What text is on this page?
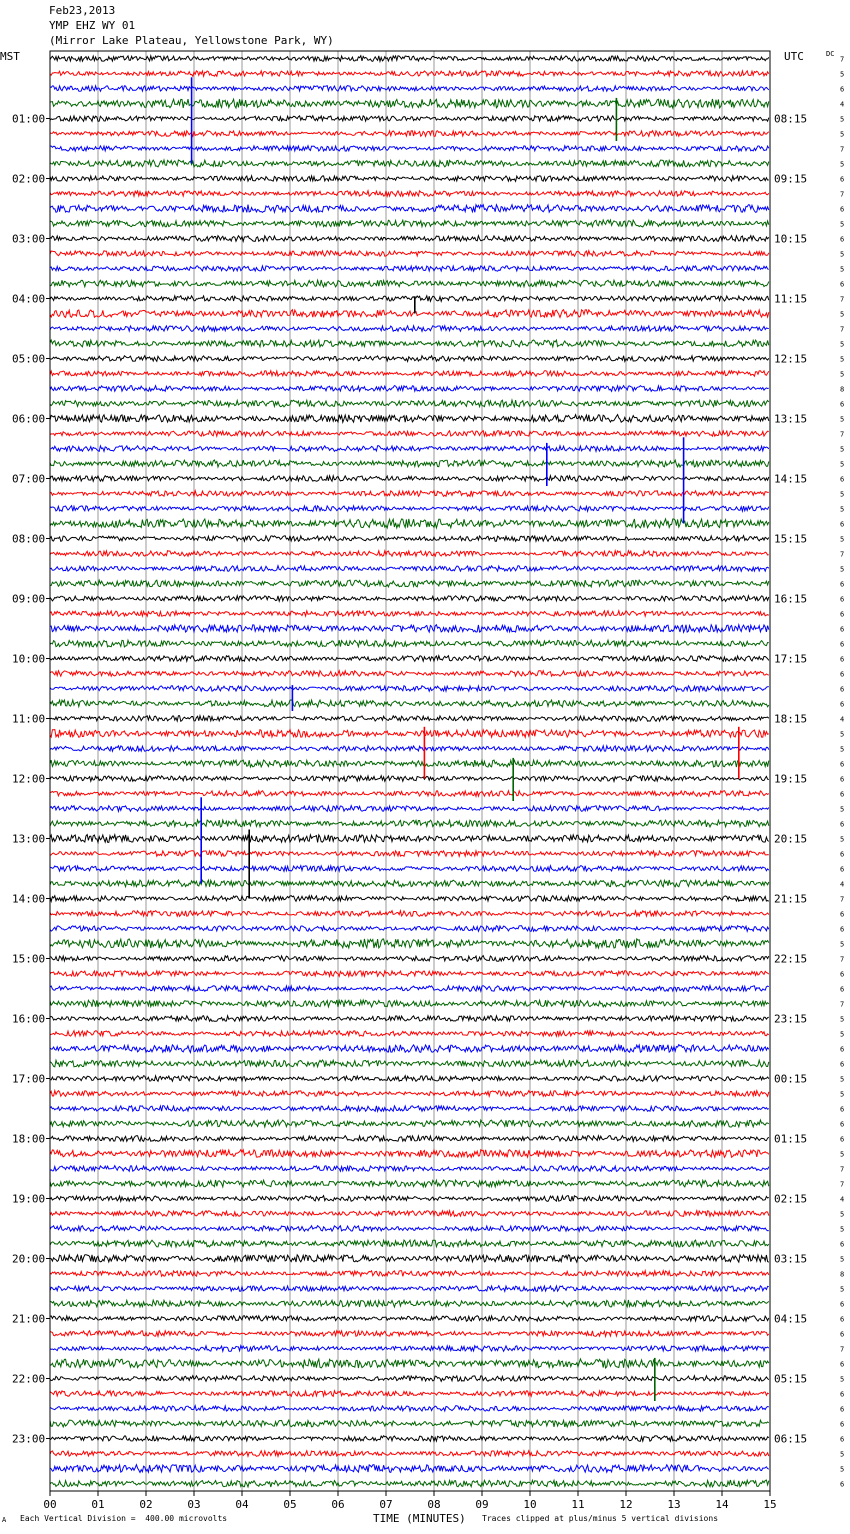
Feb23,2013
YMP EHZ WY 01
(Mirror Lake Plateau, Yellowstone Park, WY)
MST	UTC	DC
01:00
02:00
03:00
04:00
05:00
06:00
07:00
08:00
09:00
10:00
11:00
12:00
13:00
14:00
15:00
16:00
17:00
18:00
19:00
20:00
21:00
22:00
23:00
08:15
09:15
10:15
11:15
12:15
13:15
14:15
15:15
16:15
17:15
18:15
19:15
20:15
21:15
22:15
23:15
00:15
01:15
02:15
03:15
04:15
05:15
06:15
7
5
6
4
5
5
7
5
6
7
6
5
6
5
5
6
7
5
7
5
5
5
8
6
5
7
5
5
6
5
5
6
5
7
5
6
6
6
6
6
6
6
6
6
4
5
5
6
6
6
5
6
5
6
6
4
7
6
6
5
7
6
6
7
5
5
6
6
5
5
6
6
6
5
7
7
4
5
5
6
5
8
5
6
6
6
7
6
5
6
6
6
6
5
5
6
00	01	02	03	04	05	06	07	08	09	10	11	12	13	14	15
A Each Vertical Division =  400.00 microvolts	TIME (MINUTES) Traces clipped at plus/minus 5 vertical divisions
